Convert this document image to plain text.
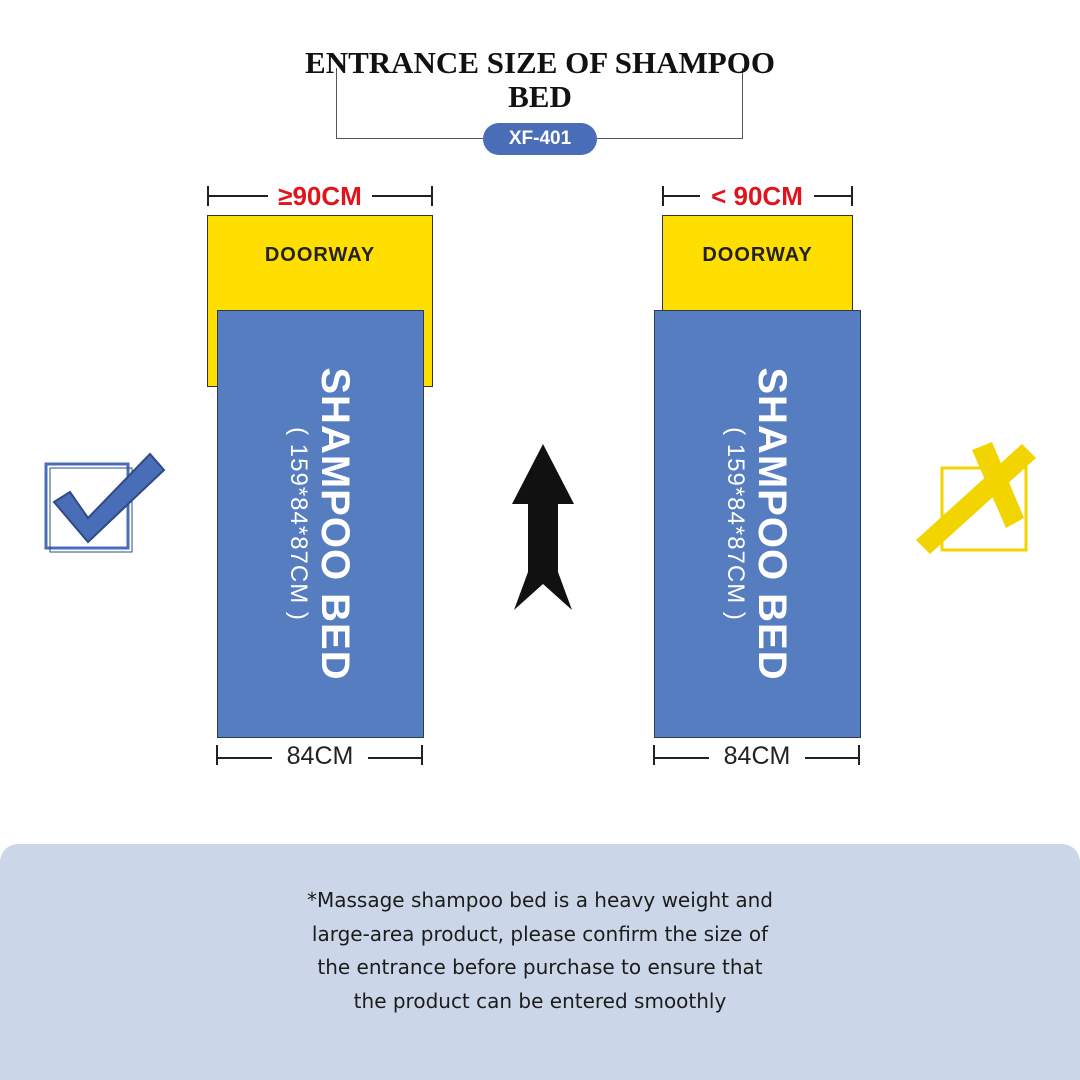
ENTRANCE SIZE OF SHAMPOO BED
XF-401
≥90CM
DOORWAY
SHAMPOO BED
( 159*84*87CM )
84CM
< 90CM
DOORWAY
SHAMPOO BED
( 159*84*87CM )
84CM
*Massage shampoo bed is a heavy weight and large-area product, please confirm the size of the entrance before purchase to ensure that the product can be entered smoothly
